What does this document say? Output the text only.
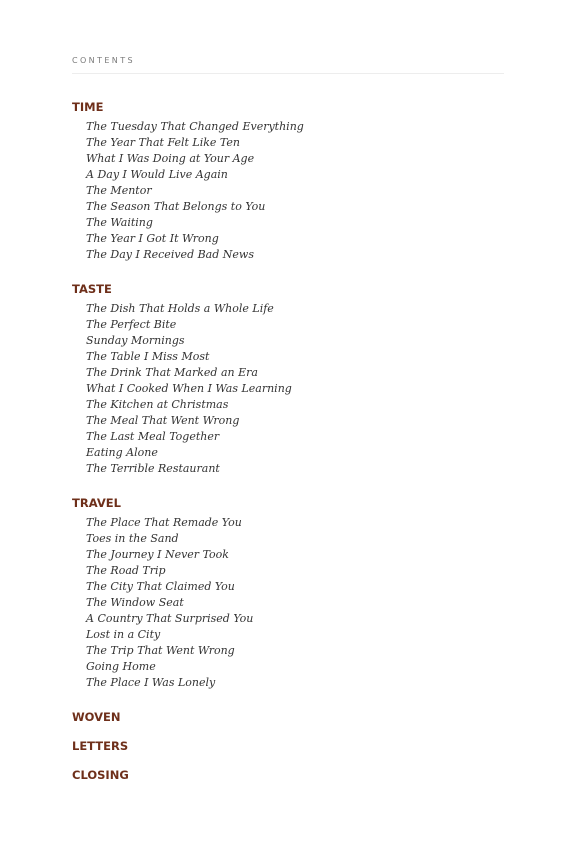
CONTENTS
TIME
The Tuesday That Changed Everything
The Year That Felt Like Ten
What I Was Doing at Your Age
A Day I Would Live Again
The Mentor
The Season That Belongs to You
The Waiting
The Year I Got It Wrong
The Day I Received Bad News
TASTE
The Dish That Holds a Whole Life
The Perfect Bite
Sunday Mornings
The Table I Miss Most
The Drink That Marked an Era
What I Cooked When I Was Learning
The Kitchen at Christmas
The Meal That Went Wrong
The Last Meal Together
Eating Alone
The Terrible Restaurant
TRAVEL
The Place That Remade You
Toes in the Sand
The Journey I Never Took
The Road Trip
The City That Claimed You
The Window Seat
A Country That Surprised You
Lost in a City
The Trip That Went Wrong
Going Home
The Place I Was Lonely
WOVEN
LETTERS
CLOSING
